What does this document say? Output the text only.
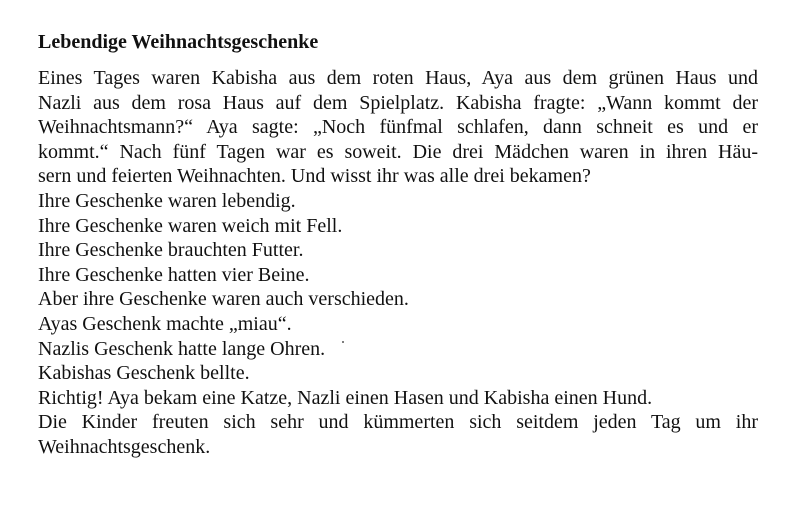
Lebendige Weihnachtsgeschenke

Eines Tages waren Kabisha aus dem roten Haus, Aya aus dem grünen Haus und

Nazli aus dem rosa Haus auf dem Spielplatz. Kabisha fragte: „Wann kommt der

Weihnachtsmann?“ Aya sagte: „Noch fünfmal schlafen, dann schneit es und er

kommt.“ Nach fünf Tagen war es soweit. Die drei Mädchen waren in ihren Häu-

sern und feierten Weihnachten. Und wisst ihr was alle drei bekamen?

Ihre Geschenke waren lebendig.

Ihre Geschenke waren weich mit Fell.

Ihre Geschenke brauchten Futter.

Ihre Geschenke hatten vier Beine.

Aber ihre Geschenke waren auch verschieden.

Ayas Geschenk machte „miau“.

Nazlis Geschenk hatte lange Ohren.

Kabishas Geschenk bellte.

Richtig! Aya bekam eine Katze, Nazli einen Hasen und Kabisha einen Hund.

Die Kinder freuten sich sehr und kümmerten sich seitdem jeden Tag um ihr

Weihnachtsgeschenk.
